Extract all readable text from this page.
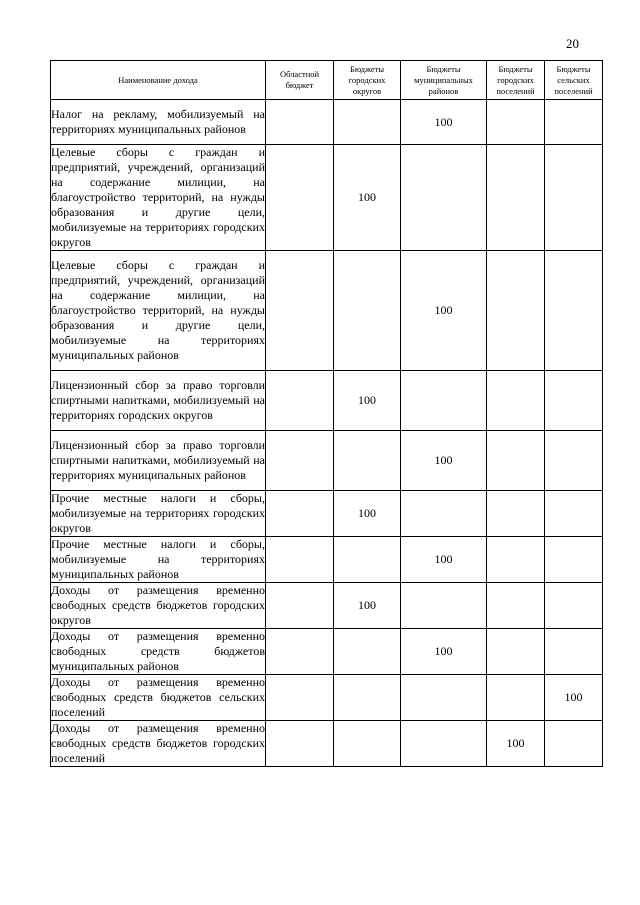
20
Наименование дохода	Областной бюджет	Бюджеты городских округов	Бюджеты муниципальных районов	Бюджеты городских поселений	Бюджеты сельских поселений
Налог на рекламу, мобилизуемый на территориях муниципальных районов			100		
Целевые сборы с граждан и предприятий, учреждений, организаций на содержание милиции, на благоустройство территорий, на нужды образования и другие цели, мобилизуемые на территориях городских округов		100			
Целевые сборы с граждан и предприятий, учреждений, организаций на содержание милиции, на благоустройство территорий, на нужды образования и другие цели, мобилизуемые на территориях муниципальных районов			100		
Лицензионный сбор за право торговли спиртными напитками, мобилизуемый на территориях городских округов		100			
Лицензионный сбор за право торговли спиртными напитками, мобилизуемый на территориях муниципальных районов			100		
Прочие местные налоги и сборы, мобилизуемые на территориях городских округов		100			
Прочие местные налоги и сборы, мобилизуемые на территориях муниципальных районов			100		
Доходы от размещения временно свободных средств бюджетов городских округов		100			
Доходы от размещения временно свободных средств бюджетов муниципальных районов			100		
Доходы от размещения временно свободных средств бюджетов сельских поселений					100
Доходы от размещения временно свободных средств бюджетов городских поселений				100	
